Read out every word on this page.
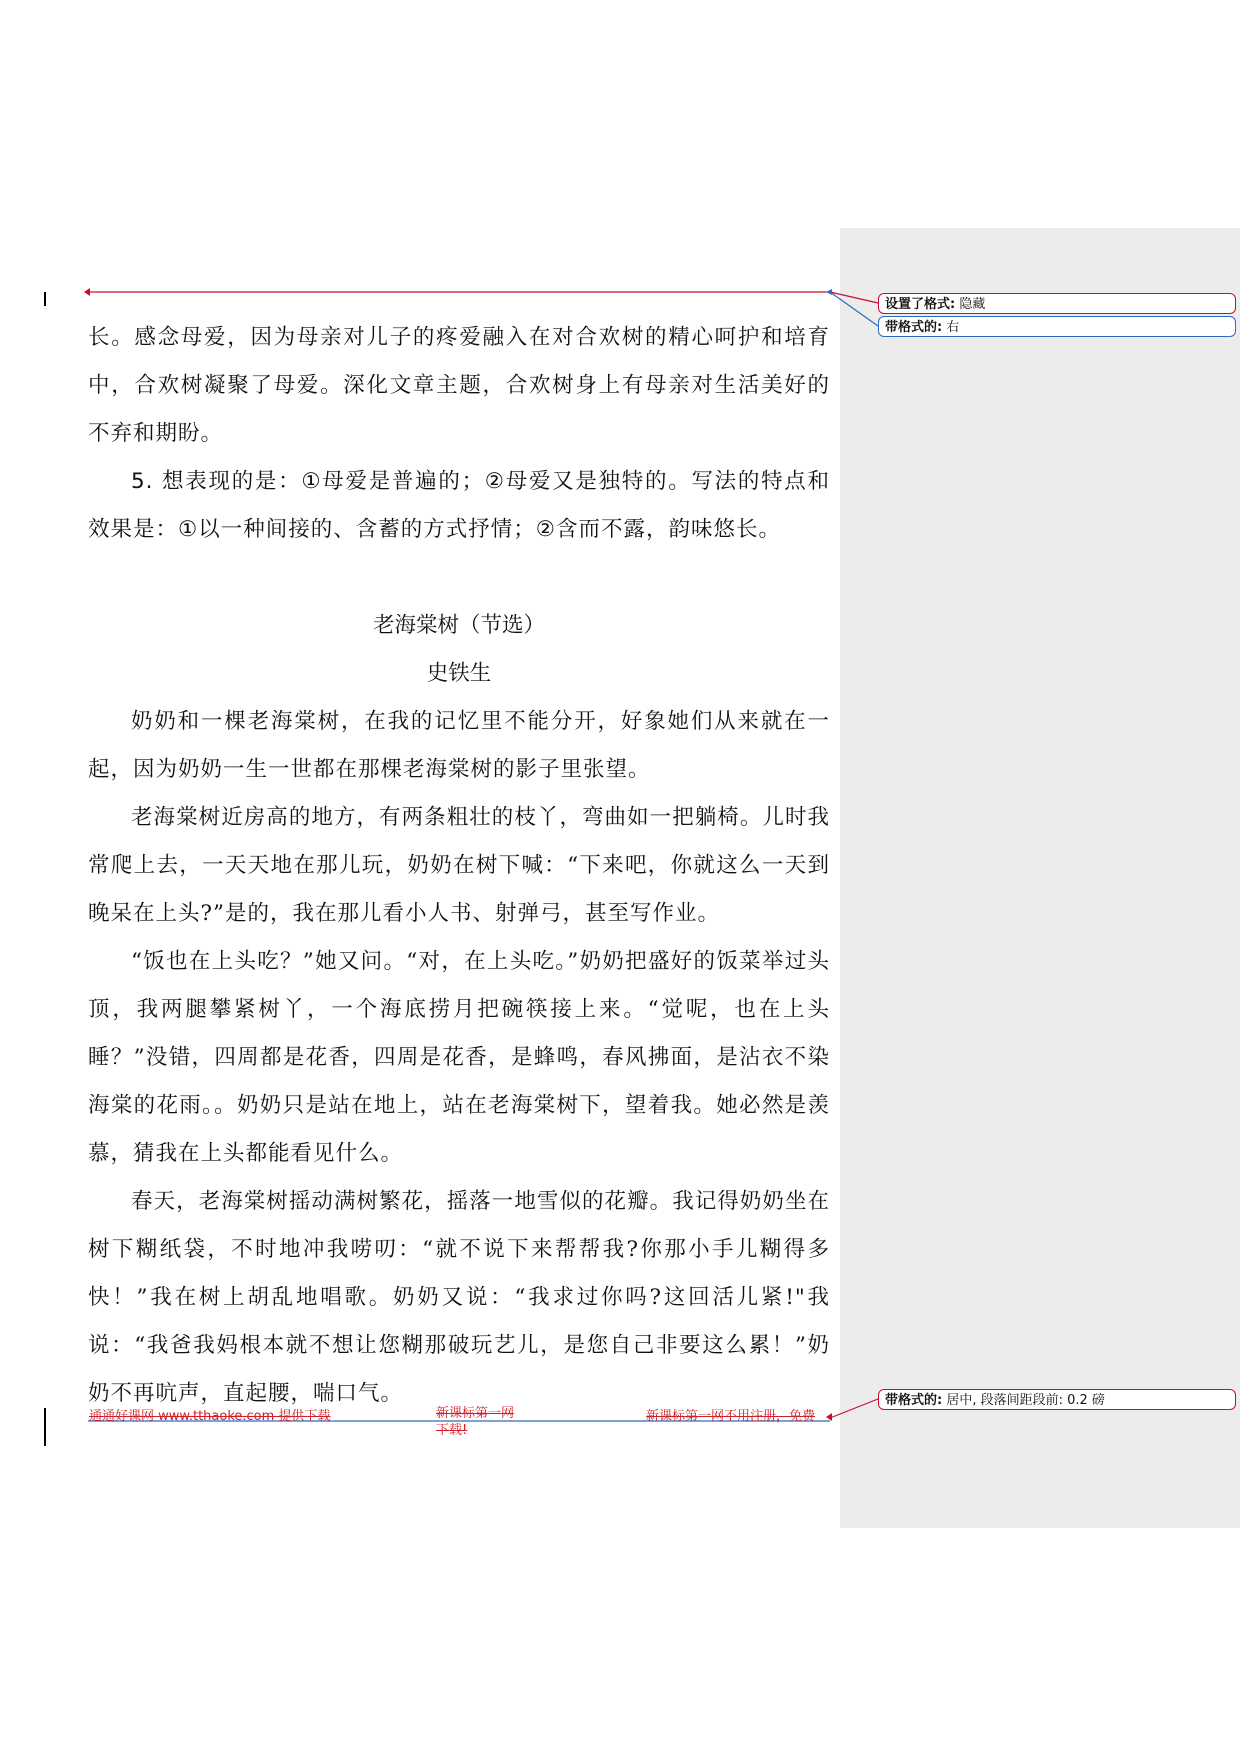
设置了格式: 隐藏
带格式的: 右
带格式的: 居中, 段落间距段前: 0.2 磅

长。感念母爱，因为母亲对儿子的疼爱融入在对合欢树的精心呵护和培育中，合欢树凝聚了母爱。深化文章主题，合欢树身上有母亲对生活美好的不弃和期盼。

5. 想表现的是：①母爱是普遍的；②母爱又是独特的。写法的特点和效果是：①以一种间接的、含蓄的方式抒情；②含而不露，韵味悠长。

老海棠树（节选）

史铁生

奶奶和一棵老海棠树，在我的记忆里不能分开，好象她们从来就在一起，因为奶奶一生一世都在那棵老海棠树的影子里张望。

老海棠树近房高的地方，有两条粗壮的枝丫，弯曲如一把躺椅。儿时我常爬上去，一天天地在那儿玩，奶奶在树下喊：“下来吧，你就这么一天到晚呆在上头?”是的，我在那儿看小人书、射弹弓，甚至写作业。

“饭也在上头吃？”她又问。“对，在上头吃。”奶奶把盛好的饭菜举过头顶，我两腿攀紧树丫，一个海底捞月把碗筷接上来。“觉呢，也在上头睡？”没错，四周都是花香，四周是花香，是蜂鸣，春风拂面，是沾衣不染海棠的花雨。。奶奶只是站在地上，站在老海棠树下，望着我。她必然是羡慕，猜我在上头都能看见什么。

春天，老海棠树摇动满树繁花，摇落一地雪似的花瓣。我记得奶奶坐在树下糊纸袋，不时地冲我唠叨：“就不说下来帮帮我?你那小手儿糊得多快！”我在树上胡乱地唱歌。奶奶又说：“我求过你吗?这回活儿紧!"我说：“我爸我妈根本就不想让您糊那破玩艺儿，是您自己非要这么累！”奶奶不再吭声，直起腰，喘口气。

通通好课网 www.tthaoke.com 提供下载	新课标第一网下载!
新课标第一网不用注册，免费
